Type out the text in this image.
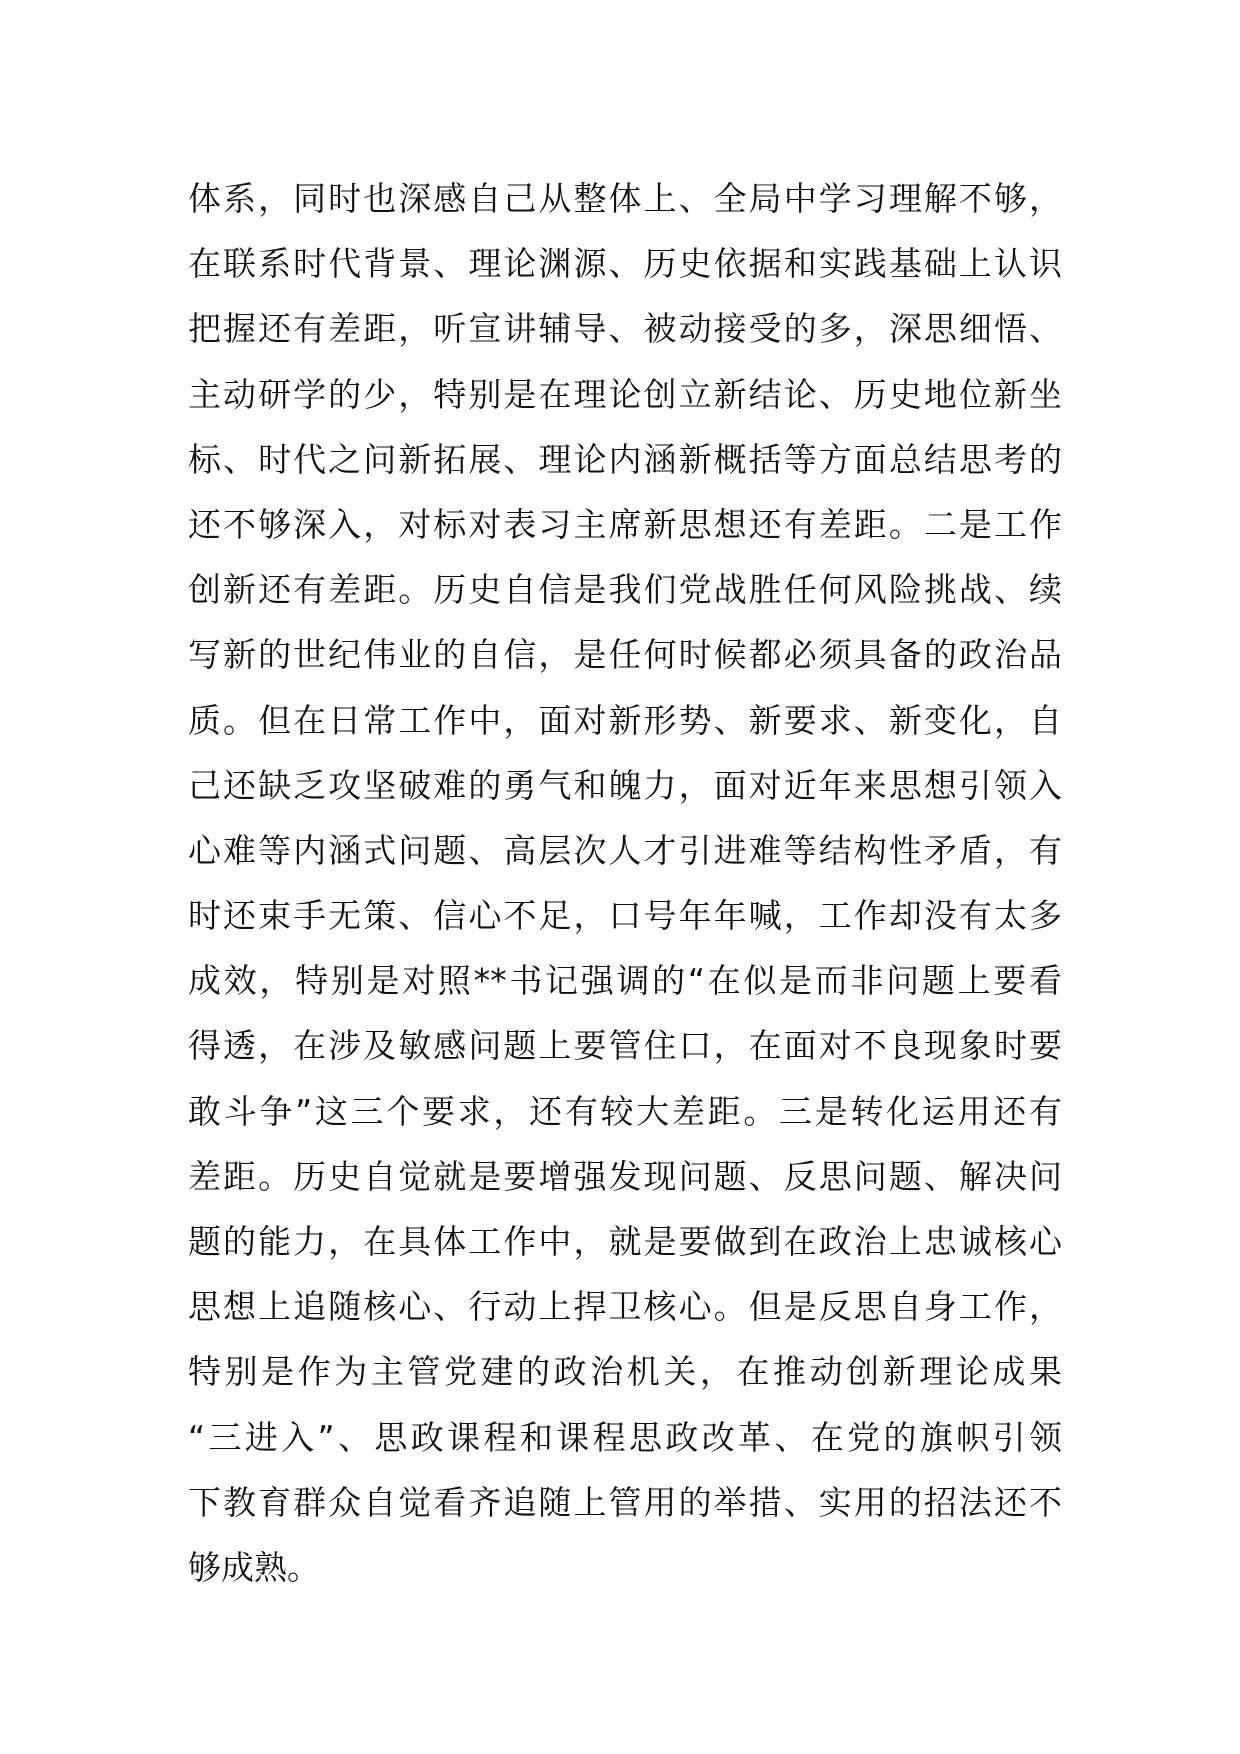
体系，同时也深感自己从整体上、全局中学习理解不够，
在联系时代背景、理论渊源、历史依据和实践基础上认识
把握还有差距，听宣讲辅导、被动接受的多，深思细悟、
主动研学的少，特别是在理论创立新结论、历史地位新坐
标、时代之问新拓展、理论内涵新概括等方面总结思考的
还不够深入，对标对表习主席新思想还有差距。二是工作
创新还有差距。历史自信是我们党战胜任何风险挑战、续
写新的世纪伟业的自信，是任何时候都必须具备的政治品
质。但在日常工作中，面对新形势、新要求、新变化，自
己还缺乏攻坚破难的勇气和魄力，面对近年来思想引领入
心难等内涵式问题、高层次人才引进难等结构性矛盾，有
时还束手无策、信心不足，口号年年喊，工作却没有太多
成效，特别是对照**书记强调的“在似是而非问题上要看
得透，在涉及敏感问题上要管住口，在面对不良现象时要
敢斗争”这三个要求，还有较大差距。三是转化运用还有
差距。历史自觉就是要增强发现问题、反思问题、解决问
题的能力，在具体工作中，就是要做到在政治上忠诚核心
思想上追随核心、行动上捍卫核心。但是反思自身工作，
特别是作为主管党建的政治机关，在推动创新理论成果
“三进入”、思政课程和课程思政改革、在党的旗帜引领
下教育群众自觉看齐追随上管用的举措、实用的招法还不
够成熟。
